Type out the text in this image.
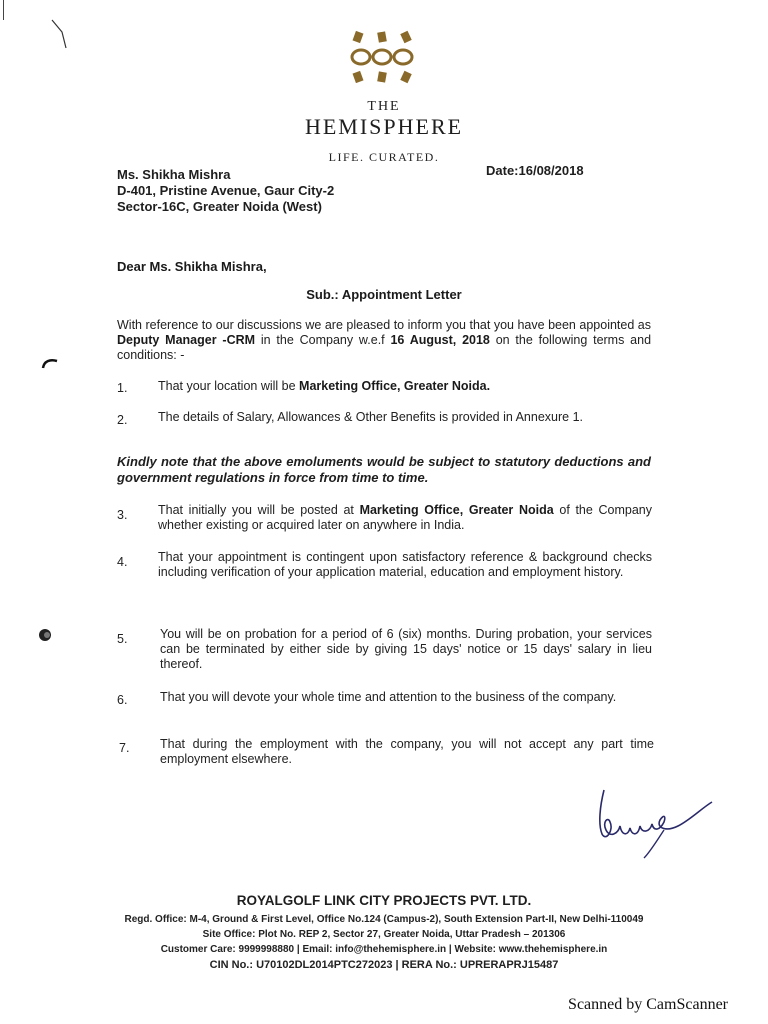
THE
HEMISPHERE
LIFE. CURATED.
Ms. Shikha Mishra
D-401, Pristine Avenue, Gaur City-2
Sector-16C, Greater Noida (West)
Date:16/08/2018
Dear Ms. Shikha Mishra,
Sub.: Appointment Letter
With reference to our discussions we are pleased to inform you that you have been appointed as Deputy Manager -CRM in the Company w.e.f 16 August, 2018 on the following terms and conditions: -
1. That your location will be Marketing Office, Greater Noida.
2. The details of Salary, Allowances & Other Benefits is provided in Annexure 1.
Kindly note that the above emoluments would be subject to statutory deductions and government regulations in force from time to time.
3. That initially you will be posted at Marketing Office, Greater Noida of the Company whether existing or acquired later on anywhere in India.
4. That your appointment is contingent upon satisfactory reference & background checks including verification of your application material, education and employment history.
5.	You will be on probation for a period of 6 (six) months. During probation, your services can be terminated by either side by giving 15 days' notice or 15 days' salary in lieu thereof.
6.	That you will devote your whole time and attention to the business of the company.
7. That during the employment with the company, you will not accept any part time employment elsewhere.
ROYALGOLF LINK CITY PROJECTS PVT. LTD.
Regd. Office: M-4, Ground & First Level, Office No.124 (Campus-2), South Extension Part-II, New Delhi-110049
Site Office: Plot No. REP 2, Sector 27, Greater Noida, Uttar Pradesh – 201306
Customer Care: 9999998880 | Email: info@thehemisphere.in | Website: www.thehemisphere.in
CIN No.: U70102DL2014PTC272023 | RERA No.: UPRERAPRJ15487
Scanned by CamScanner
